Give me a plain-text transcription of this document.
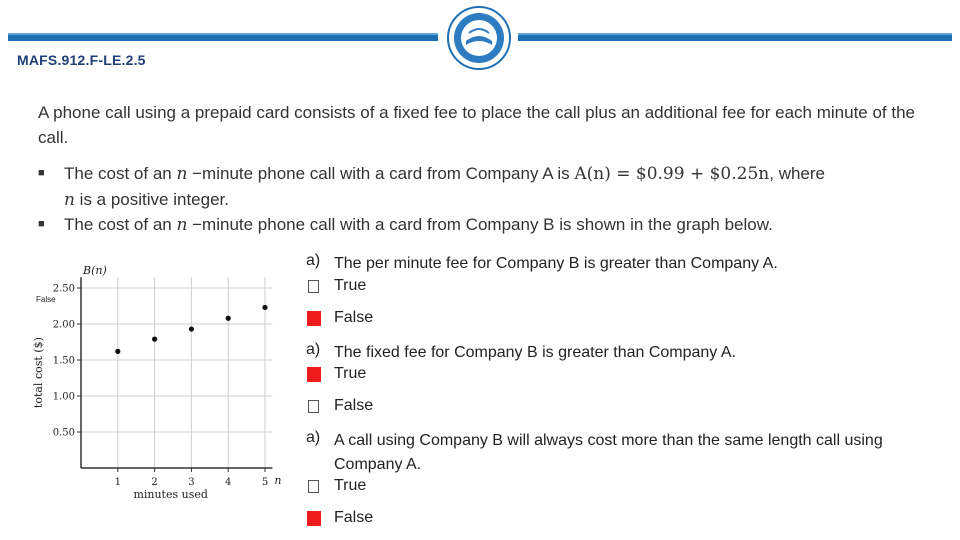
MAFS.912.F-LE.2.5
A phone call using a prepaid card consists of a fixed fee to place the call plus an additional fee for each minute of the call.
■ The cost of an n −minute phone call with a card from Company A is A(n) = $0.99 + $0.25n, where
n is a positive integer.
■ The cost of an n −minute phone call with a card from Company B is shown in the graph below.
1	2	3	4	5
0.50
1.00
1.50
2.00
2.50
B(n)
n
minutes used
total cost ($)
False
a) The per minute fee for Company B is greater than Company A.
True
False
a) The fixed fee for Company B is greater than Company A.
True
False
a) A call using Company B will always cost more than the same length call using Company A.
True
False
